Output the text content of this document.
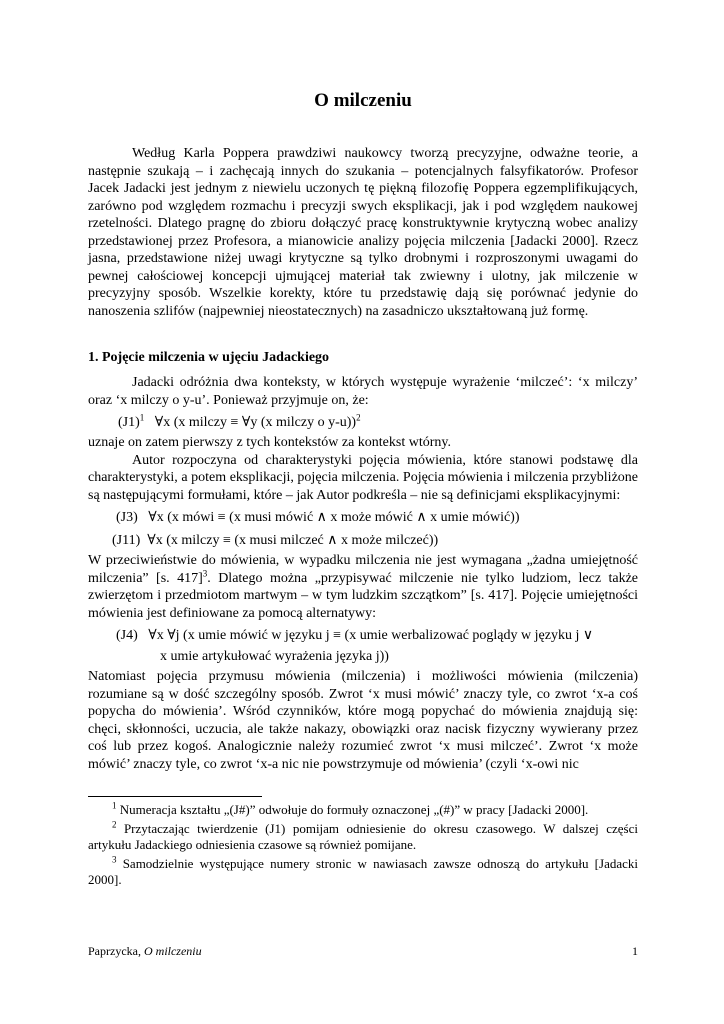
O milczeniu

Według Karla Poppera prawdziwi naukowcy tworzą precyzyjne, odważne teorie, a następnie szukają – i zachęcają innych do szukania – potencjalnych falsyfikatorów. Profesor Jacek Jadacki jest jednym z niewielu uczonych tę piękną filozofię Poppera egzemplifikujących, zarówno pod względem rozmachu i precyzji swych eksplikacji, jak i pod względem naukowej rzetelności. Dlatego pragnę do zbioru dołączyć pracę konstruktywnie krytyczną wobec analizy przedstawionej przez Profesora, a mianowicie analizy pojęcia milczenia [Jadacki 2000]. Rzecz jasna, przedstawione niżej uwagi krytyczne są tylko drobnymi i rozproszonymi uwagami do pewnej całościowej koncepcji ujmującej materiał tak zwiewny i ulotny, jak milczenie w precyzyjny sposób. Wszelkie korekty, które tu przedstawię dają się porównać jedynie do nanoszenia szlifów (najpewniej nieostatecznych) na zasadniczo ukształtowaną już formę.

1. Pojęcie milczenia w ujęciu Jadackiego

Jadacki odróżnia dwa konteksty, w których występuje wyrażenie ‘milczeć’: ‘x milczy’ oraz ‘x milczy o y-u’. Ponieważ przyjmuje on, że:

$(J1)^1$ ∀x (x milczy ≡ ∀y (x milczy o y-u))$^2$

uznaje on zatem pierwszy z tych kontekstów za kontekst wtórny.

Autor rozpoczyna od charakterystyki pojęcia mówienia, które stanowi podstawę dla charakterystyki, a potem eksplikacji, pojęcia milczenia. Pojęcia mówienia i milczenia przybliżone są następującymi formułami, które – jak Autor podkreśla – nie są definicjami eksplikacyjnymi:

(J3)   ∀x (x mówi ≡ (x musi mówić ∧ x może mówić ∧ x umie mówić))
(J11)  ∀x (x milczy ≡ (x musi milczeć ∧ x może milczeć))

W przeciwieństwie do mówienia, w wypadku milczenia nie jest wymagana „żadna umiejętność milczenia” [s. 417]$^3$. Dlatego można „przypisywać milczenie nie tylko ludziom, lecz także zwierzętom i przedmiotom martwym – w tym ludzkim szczątkom” [s. 417]. Pojęcie umiejętności mówienia jest definiowane za pomocą alternatywy:

(J4)   ∀x ∀j (x umie mówić w języku j ≡ (x umie werbalizować poglądy w języku j ∨
x umie artykułować wyrażenia języka j))

Natomiast pojęcia przymusu mówienia (milczenia) i możliwości mówienia (milczenia) rozumiane są w dość szczególny sposób. Zwrot ‘x musi mówić’ znaczy tyle, co zwrot ‘x-a coś popycha do mówienia’. Wśród czynników, które mogą popychać do mówienia znajdują się: chęci, skłonności, uczucia, ale także nakazy, obowiązki oraz nacisk fizyczny wywierany przez coś lub przez kogoś. Analogicznie należy rozumieć zwrot ‘x musi milczeć’. Zwrot ‘x może mówić’ znaczy tyle, co zwrot ‘x-a nic nie powstrzymuje od mówienia’ (czyli ‘x-owi nic

$^1$ Numeracja kształtu „(J#)” odwołuje do formuły oznaczonej „(#)” w pracy [Jadacki 2000].

$^2$ Przytaczając twierdzenie (J1) pomijam odniesienie do okresu czasowego. W dalszej części artykułu Jadackiego odniesienia czasowe są również pomijane.

$^3$ Samodzielnie występujące numery stronic w nawiasach zawsze odnoszą do artykułu [Jadacki 2000].

Paprzycka, O milczeniu	1
